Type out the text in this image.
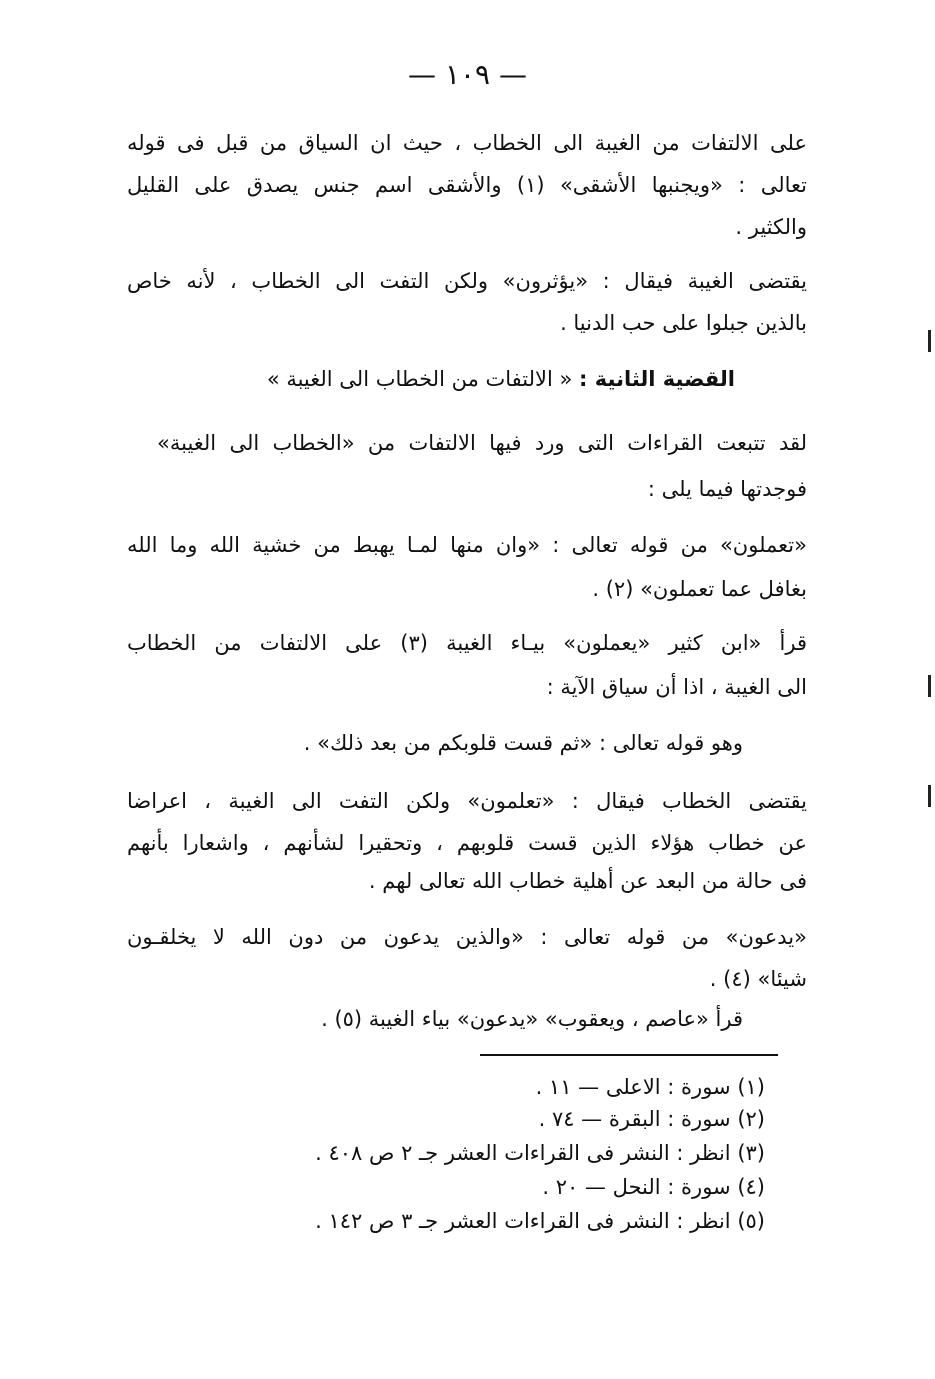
— ١٠٩ —
على الالتفات من الغيبة الى الخطاب ، حيث ان السياق من قبل فى قوله
تعالى : «ويجنبها الأشقى» (١) والأشقى اسم جنس يصدق على القليل
والكثير .
يقتضى الغيبة فيقال : «يؤثرون» ولكن التفت الى الخطاب ، لأنه خاص
بالذين جبلوا على حب الدنيا .
القضية الثانية : « الالتفات من الخطاب الى الغيبة »
لقد تتبعت القراءات التى ورد فيها الالتفات من «الخطاب الى الغيبة»
فوجدتها فيما يلى :
«تعملون» من قوله تعالى : «وان منها لمـا يهبط من خشية الله وما الله
بغافل عما تعملون» (٢) .
قرأ «ابن كثير «يعملون» بيـاء الغيبة (٣) على الالتفات من الخطاب
الى الغيبة ، اذا أن سياق الآية :
وهو قوله تعالى : «ثم قست قلوبكم من بعد ذلك» .
يقتضى الخطاب فيقال : «تعلمون» ولكن التفت الى الغيبة ، اعراضا
عن خطاب هؤلاء الذين قست قلوبهم ، وتحقيرا لشأنهم ، واشعارا بأنهم
فى حالة من البعد عن أهلية خطاب الله تعالى لهم .
«يدعون» من قوله تعالى : «والذين يدعون من دون الله لا يخلقـون
شيئا» (٤) .
قرأ «عاصم ، ويعقوب» «يدعون» بياء الغيبة (٥) .
(١) سورة : الاعلى — ١١ .
(٢) سورة : البقرة — ٧٤ .
(٣) انظر : النشر فى القراءات العشر جـ ٢ ص ٤٠٨ .
(٤) سورة : النحل — ٢٠ .
(٥) انظر : النشر فى القراءات العشر جـ ٣ ص ١٤٢ .
